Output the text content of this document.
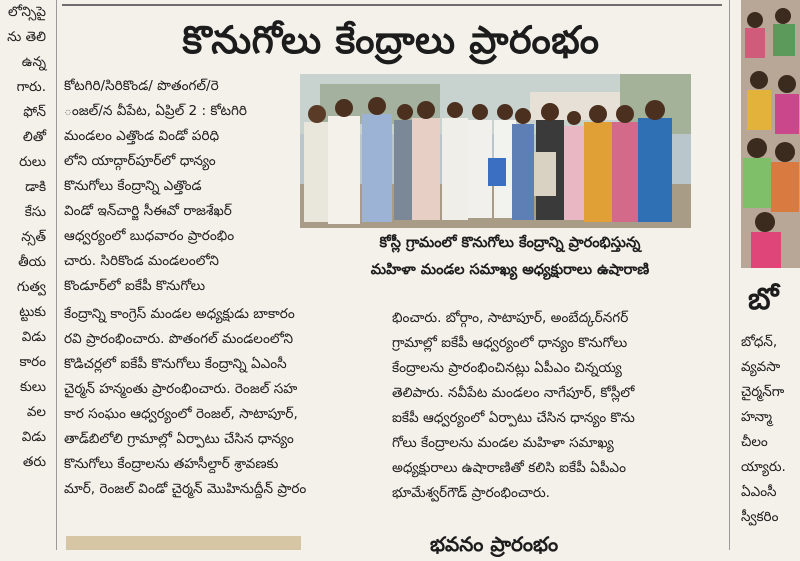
లోన్సిపై
ను తెలి
ఉన్న
గారు.
ఫోన్
లితో
రులు
డాకి
కేసు
న్సత్
తీయ
గుత్వ
ట్టుకు
విడు
కారం
కులు
వల
విడు
తరు
కొనుగోలు కేంద్రాలు ప్రారంభం
కోటగిరి/సిరికొండ/ పొతంగల్/రె
ంజల్/న వీపేట, ఏప్రిల్ 2 : కోటగిరి
మండలం ఎత్తొండ విండో పరిధి
లోని యాద్గార్‌పూర్‌లో ధాన్యం
కొనుగోలు కేంద్రాన్ని ఎత్తొండ
విండో ఇన్‌చార్జి సీఈవో రాజశేఖర్
ఆధ్వర్యంలో బుధవారం ప్రారంభిం
చారు. సిరికొండ మండలంలోని
కొండూర్‌లో ఐకేపీ కొనుగోలు
కోస్లీ గ్రామంలో కొనుగోలు కేంద్రాన్ని ప్రారంభిస్తున్న
మహిళా మండల సమాఖ్య అధ్యక్షురాలు ఉషారాణి
కేంద్రాన్ని కాంగ్రెస్ మండల అధ్యక్షుడు బాకారం
రవి ప్రారంభించారు. పొతంగల్ మండలంలోని
కొడిచర్లలో ఐకేపీ కొనుగోలు కేంద్రాన్ని ఏఎంసీ
చైర్మన్ హన్మంతు ప్రారంభించారు. రెంజల్ సహ
కార సంఘం ఆధ్వర్యంలో రెంజల్, సాటాపూర్,
తాడ్‌బిలోలి గ్రామాల్లో ఏర్పాటు చేసిన ధాన్యం
కొనుగోలు కేంద్రాలను తహసీల్దార్ శ్రావణకు
మార్, రెంజల్ విండో చైర్మన్ మొహినుద్దీన్ ప్రారం
భించారు. బోర్గాం, సాటాపూర్, అంబేద్కర్‌నగర్
గ్రామాల్లో ఐకేపీ ఆధ్వర్యంలో ధాన్యం కొనుగోలు
కేంద్రాలను ప్రారంభించినట్లు ఏపీఎం చిన్నయ్య
తెలిపారు. నవీపేట మండలం నాగేపూర్, కోస్లీలో
ఐకేపీ ఆధ్వర్యంలో ఏర్పాటు చేసిన ధాన్యం కొను
గోలు కేంద్రాలను మండల మహిళా సమాఖ్య
అధ్యక్షురాలు ఉషారాణితో కలిసి ఐకేపీ ఏపీఎం
భూమేశ్వర్‌గౌడ్ ప్రారంభించారు.
బో
బోధన్,
వ్యవసా
చైర్మన్‌గా
హన్మా
చీలం
య్యారు.
ఏఎంసీ
స్వీకరిం
భవనం ప్రారంభం
